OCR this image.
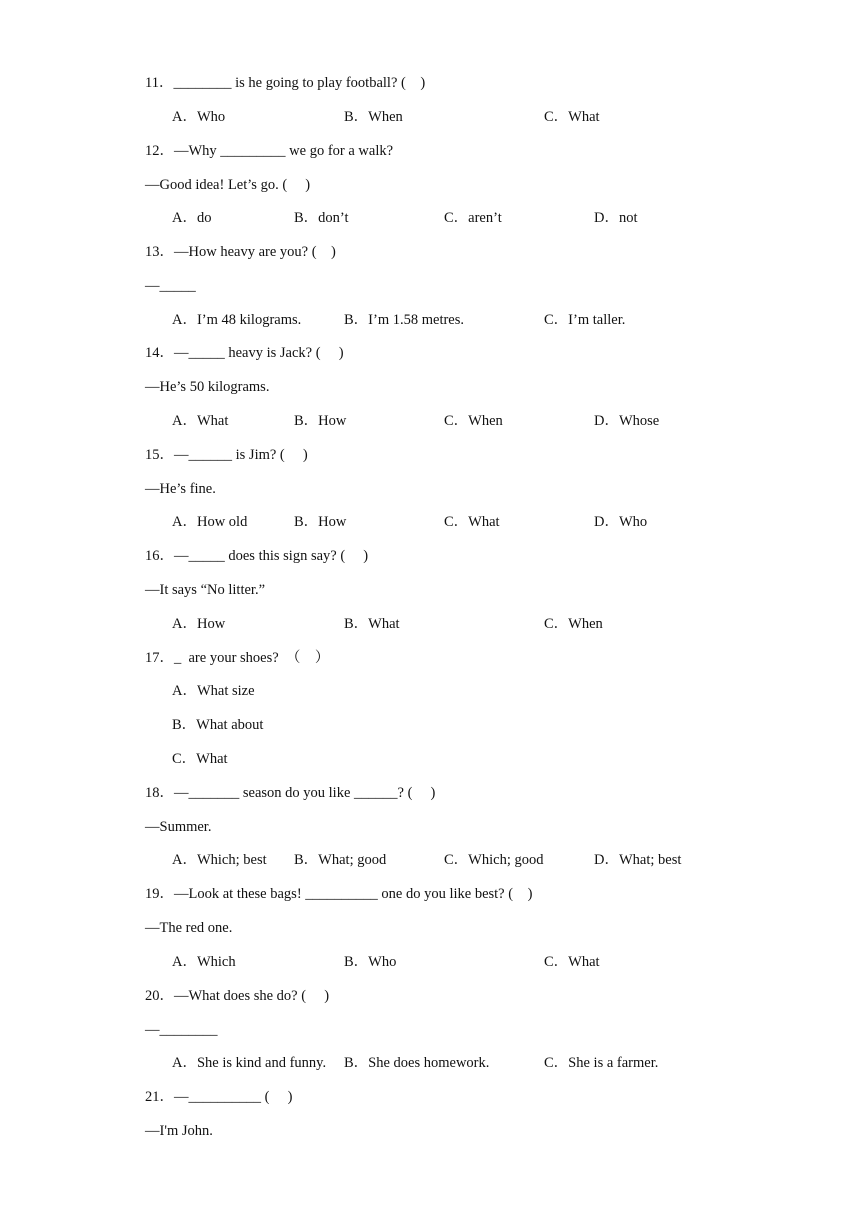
11．________ is he going to play football? (    )
A．Who	B．When	C．What
12．—Why _________ we go for a walk?
—Good idea! Let’s go. (     )
A．do	B．don’t	C．aren’t	D．not
13．—How heavy are you? (    )
—_____
A．I’m 48 kilograms.	B．I’m 1.58 metres.	C．I’m taller.
14．—_____ heavy is Jack? (     )
—He’s 50 kilograms.
A．What	B．How	C．When	D．Whose
15．—______ is Jim? (     )
—He’s fine.
A．How old	B．How	C．What	D．Who
16．—_____ does this sign say? (     )
—It says “No litter.”
A．How	B．What	C．When
17．_  are your shoes?  （    ）
A．What size
B．What about
C．What
18．—_______ season do you like ______? (     )
—Summer.
A．Which; best B．What; good	C．Which; good	D．What; best
19．—Look at these bags! __________ one do you like best? (    )
—The red one.
A．Which	B．Who	C．What
20．—What does she do? (     )
—________
A．She is kind and funny. B．She does homework.	C．She is a farmer.
21．—__________ (     )
—I'm John.
